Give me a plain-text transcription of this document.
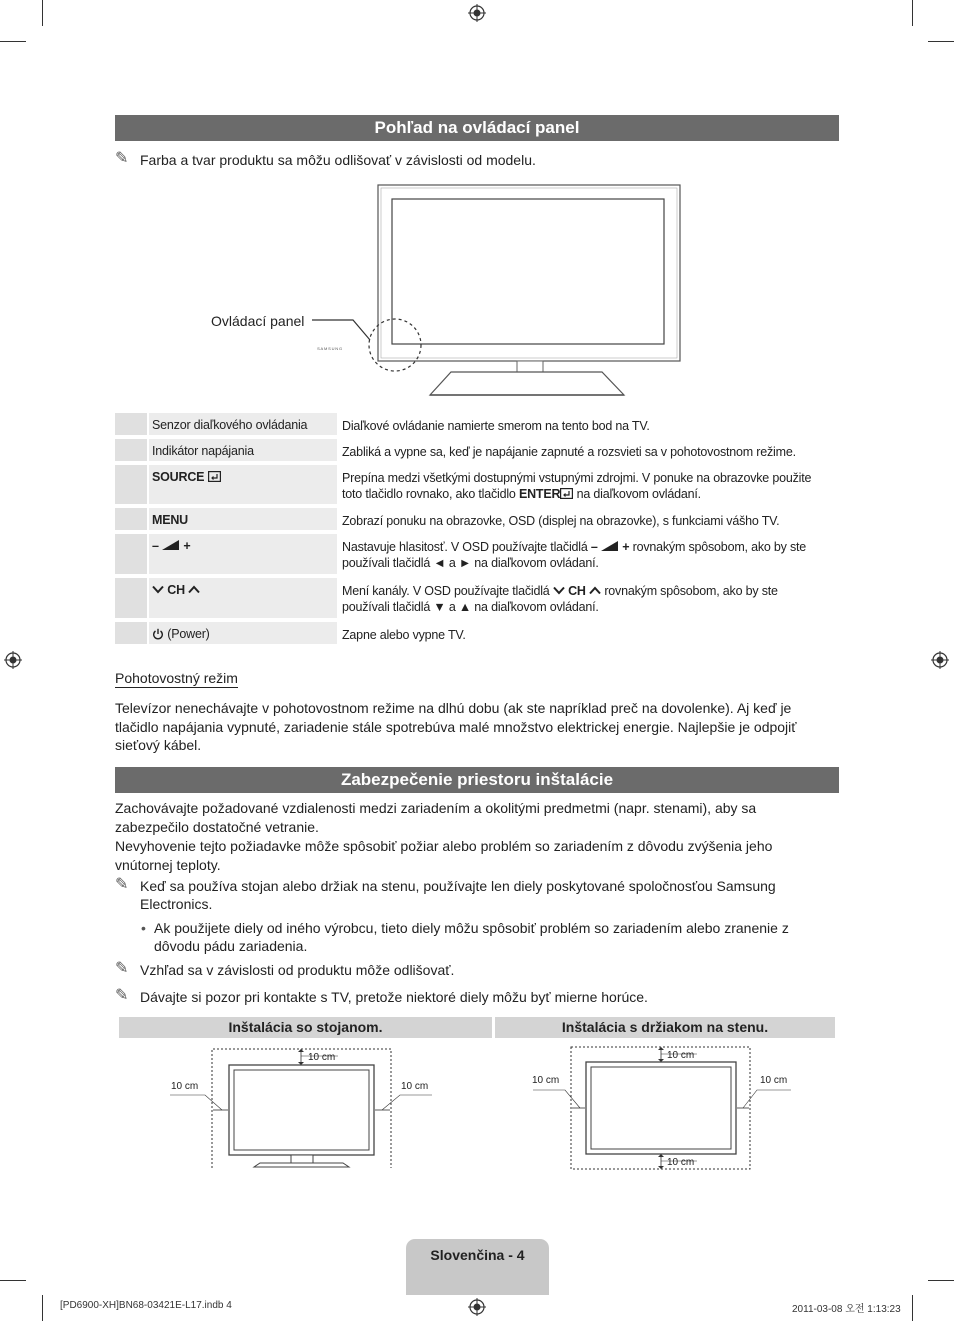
Pohľad na ovládací panel
✎ Farba a tvar produktu sa môžu odlišovať v závislosti od modelu.
SAMSUNG
Ovládací panel
Senzor diaľkového ovládania	Diaľkové ovládanie namierte smerom na tento bod na TV.
Indikátor napájania	Zabliká a vypne sa, keď je napájanie zapnuté a rozsvieti sa v pohotovostnom režime.
SOURCE	Prepína medzi všetkými dostupnými vstupnými zdrojmi. V ponuke na obrazovke použite
toto tlačidlo rovnako, ako tlačidlo ENTER na diaľkovom ovládaní.
MENU	Zobrazí ponuku na obrazovke, OSD (displej na obrazovke), s funkciami vášho TV.
– +	Nastavuje hlasitosť. V OSD používajte tlačidlá – + rovnakým spôsobom, ako by ste
používali tlačidlá ◄ a ► na diaľkovom ovládaní.
CH	Mení kanály. V OSD používajte tlačidlá  CH  rovnakým spôsobom, ako by ste
používali tlačidlá ▼ a ▲ na diaľkovom ovládaní.
(Power)	Zapne alebo vypne TV.
Pohotovostný režim
Televízor nenechávajte v pohotovostnom režime na dlhú dobu (ak ste napríklad preč na dovolenke). Aj keď je tlačidlo napájania vypnuté, zariadenie stále spotrebúva malé množstvo elektrickej energie. Najlepšie je odpojiť sieťový kábel.
Zabezpečenie priestoru inštalácie
Zachovávajte požadované vzdialenosti medzi zariadením a okolitými predmetmi (napr. stenami), aby sa zabezpečilo dostatočné vetranie.
Nevyhovenie tejto požiadavke môže spôsobiť požiar alebo problém so zariadením z dôvodu zvýšenia jeho vnútornej teploty.
✎ Keď sa používa stojan alebo držiak na stenu, používajte len diely poskytované spoločnosťou Samsung Electronics.
• Ak použijete diely od iného výrobcu, tieto diely môžu spôsobiť problém so zariadením alebo zranenie z dôvodu pádu zariadenia.
✎ Vzhľad sa v závislosti od produktu môže odlišovať.
✎ Dávajte si pozor pri kontakte s TV, pretože niektoré diely môžu byť mierne horúce.
Inštalácia so stojanom.	Inštalácia s držiakom na stenu.
10 cm
10 cm	10 cm
10 cm
10 cm	10 cm
10 cm
Slovenčina - 4
[PD6900-XH]BN68-03421E-L17.indb 4	2011-03-08 오전 1:13:23
